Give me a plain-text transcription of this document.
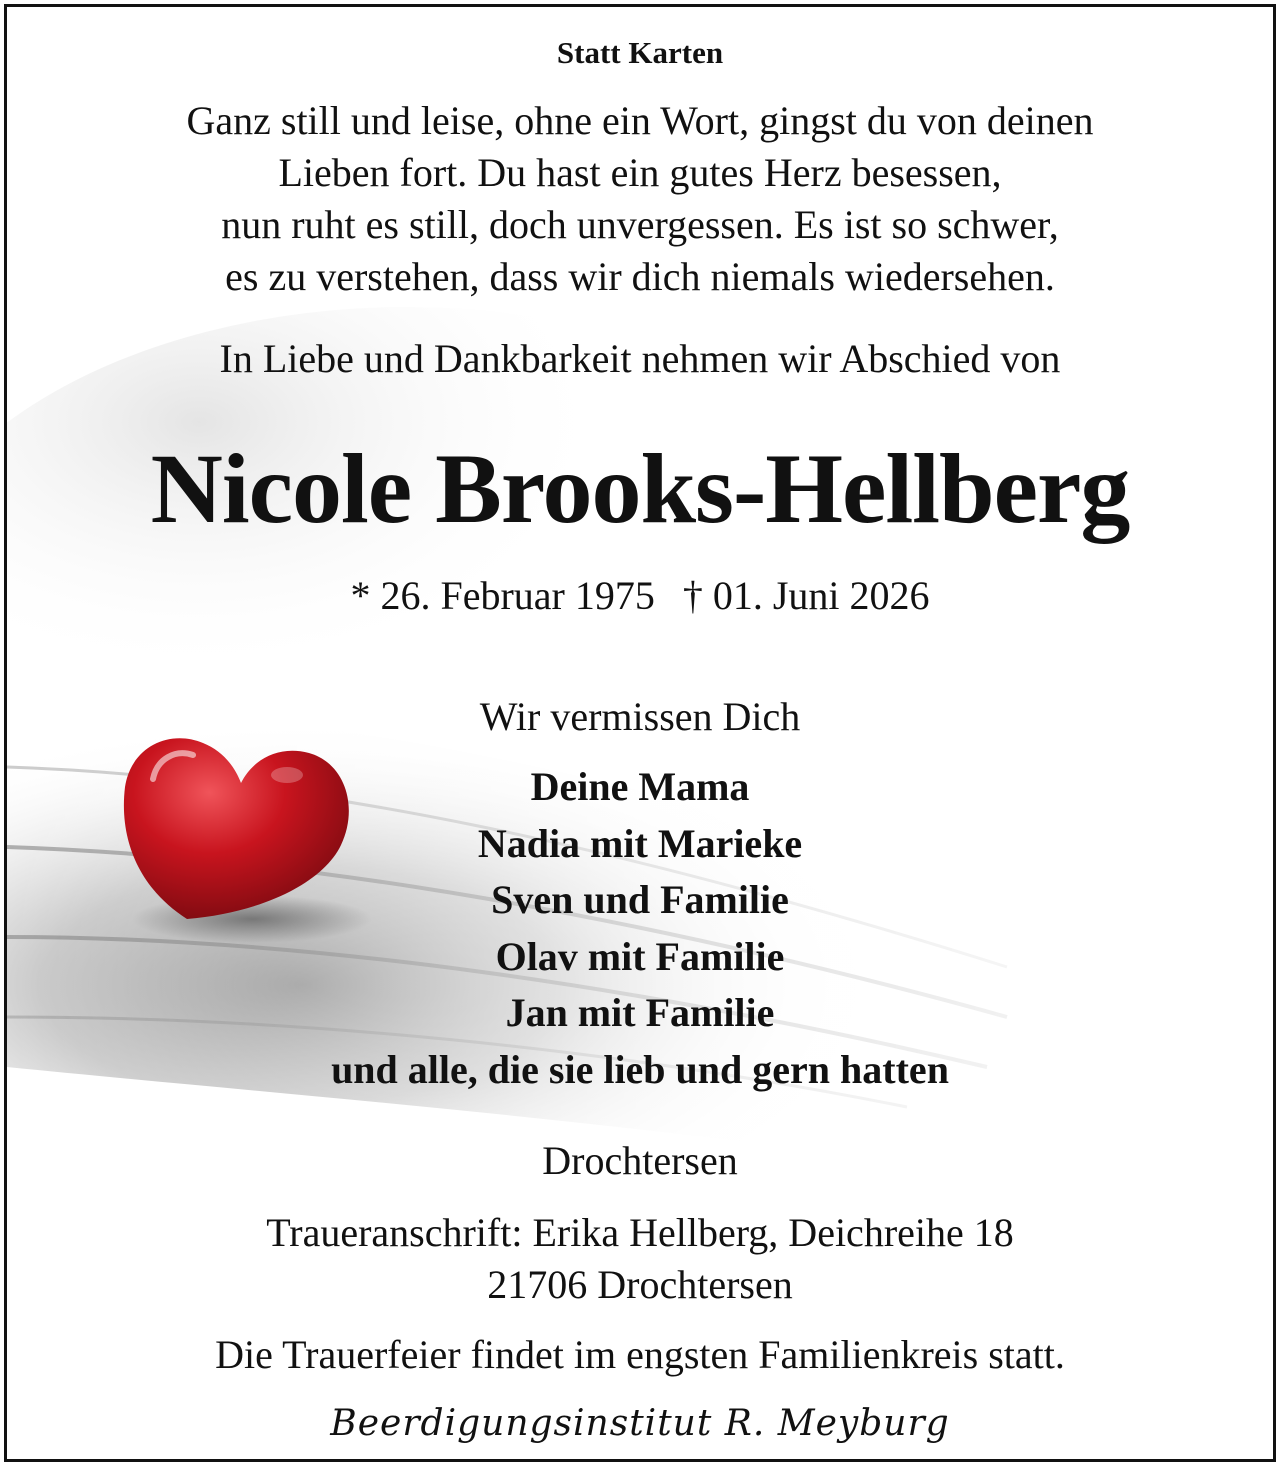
Statt Karten
Ganz still und leise, ohne ein Wort, gingst du von deinen
Lieben fort. Du hast ein gutes Herz besessen,
nun ruht es still, doch unvergessen. Es ist so schwer,
es zu verstehen, dass wir dich niemals wiedersehen.
In Liebe und Dankbarkeit nehmen wir Abschied von
Nicole Brooks-Hellberg
* 26. Februar 1975 † 01. Juni 2026
Wir vermissen Dich
Deine Mama
Nadia mit Marieke
Sven und Familie
Olav mit Familie
Jan mit Familie
und alle, die sie lieb und gern hatten
Drochtersen
Traueranschrift: Erika Hellberg, Deichreihe 18
21706 Drochtersen
Die Trauerfeier findet im engsten Familienkreis statt.
Beerdigungsinstitut R. Meyburg
